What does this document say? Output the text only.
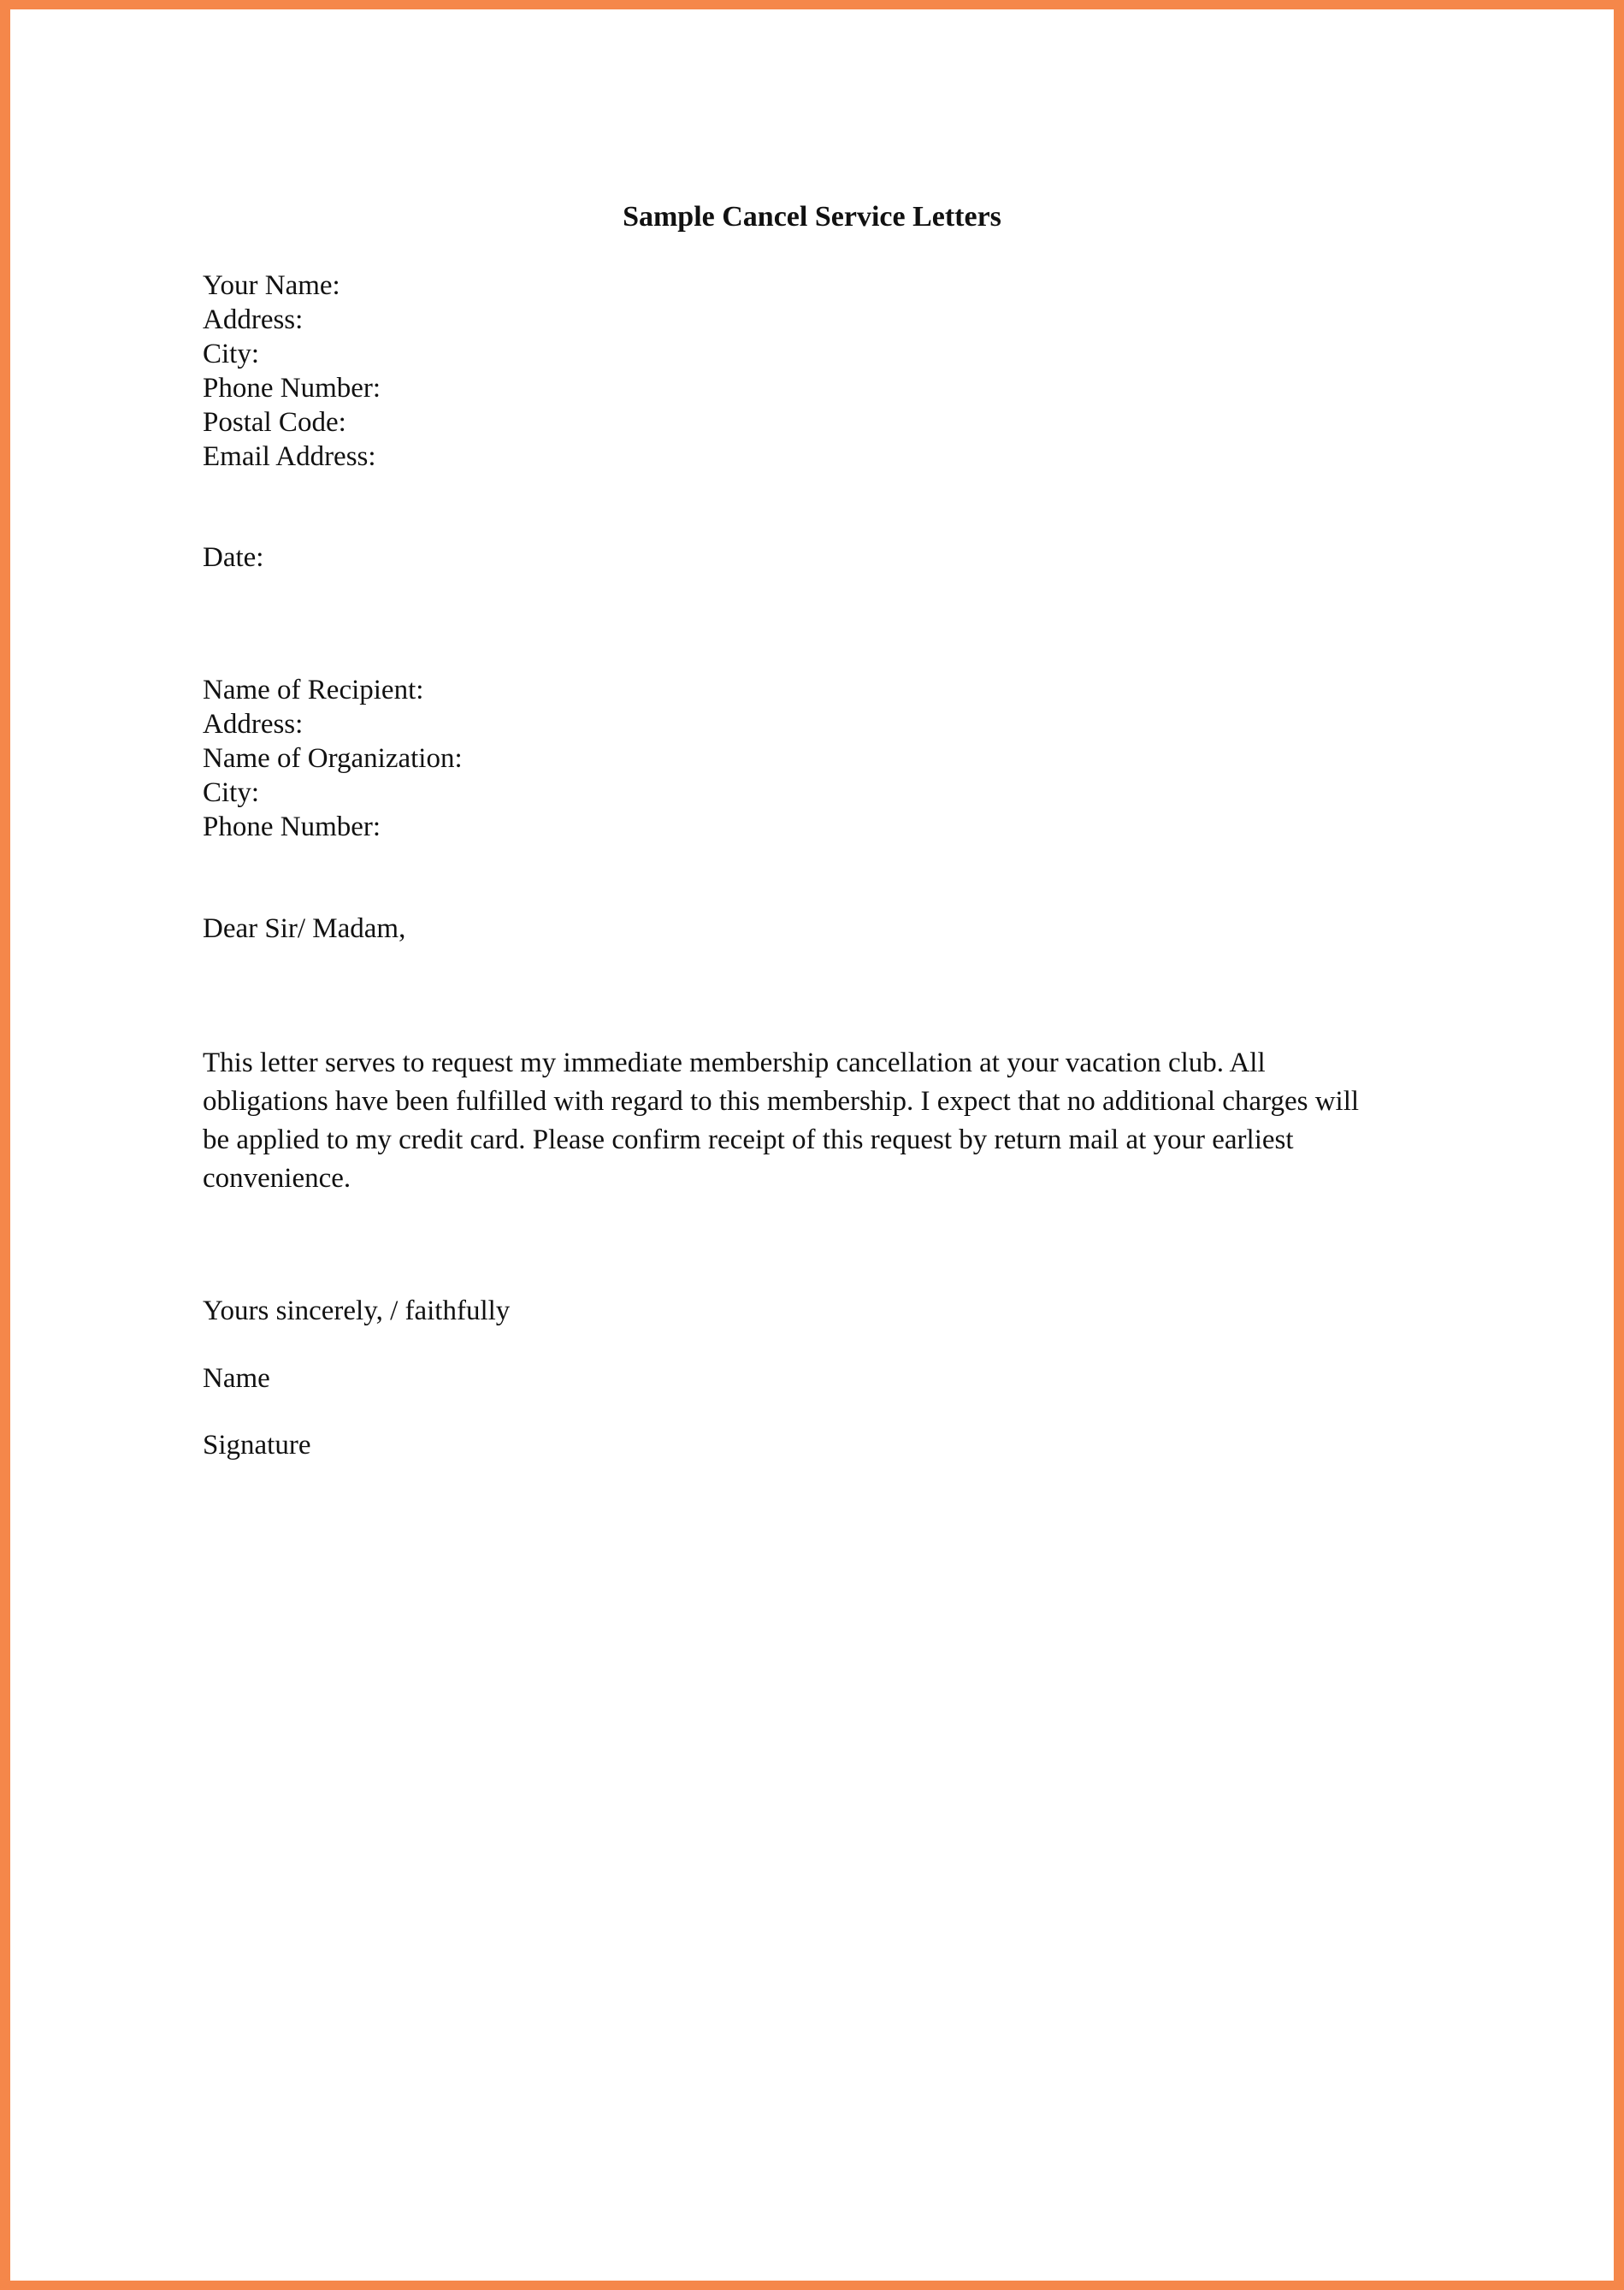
Sample Cancel Service Letters
Your Name:
Address:
City:
Phone Number:
Postal Code:
Email Address:
Date:
Name of Recipient:
Address:
Name of Organization:
City:
Phone Number:
Dear Sir/ Madam,
This letter serves to request my immediate membership cancellation at your vacation club. All
obligations have been fulfilled with regard to this membership. I expect that no additional charges will
be applied to my credit card. Please confirm receipt of this request by return mail at your earliest
convenience.
Yours sincerely, / faithfully
Name
Signature
